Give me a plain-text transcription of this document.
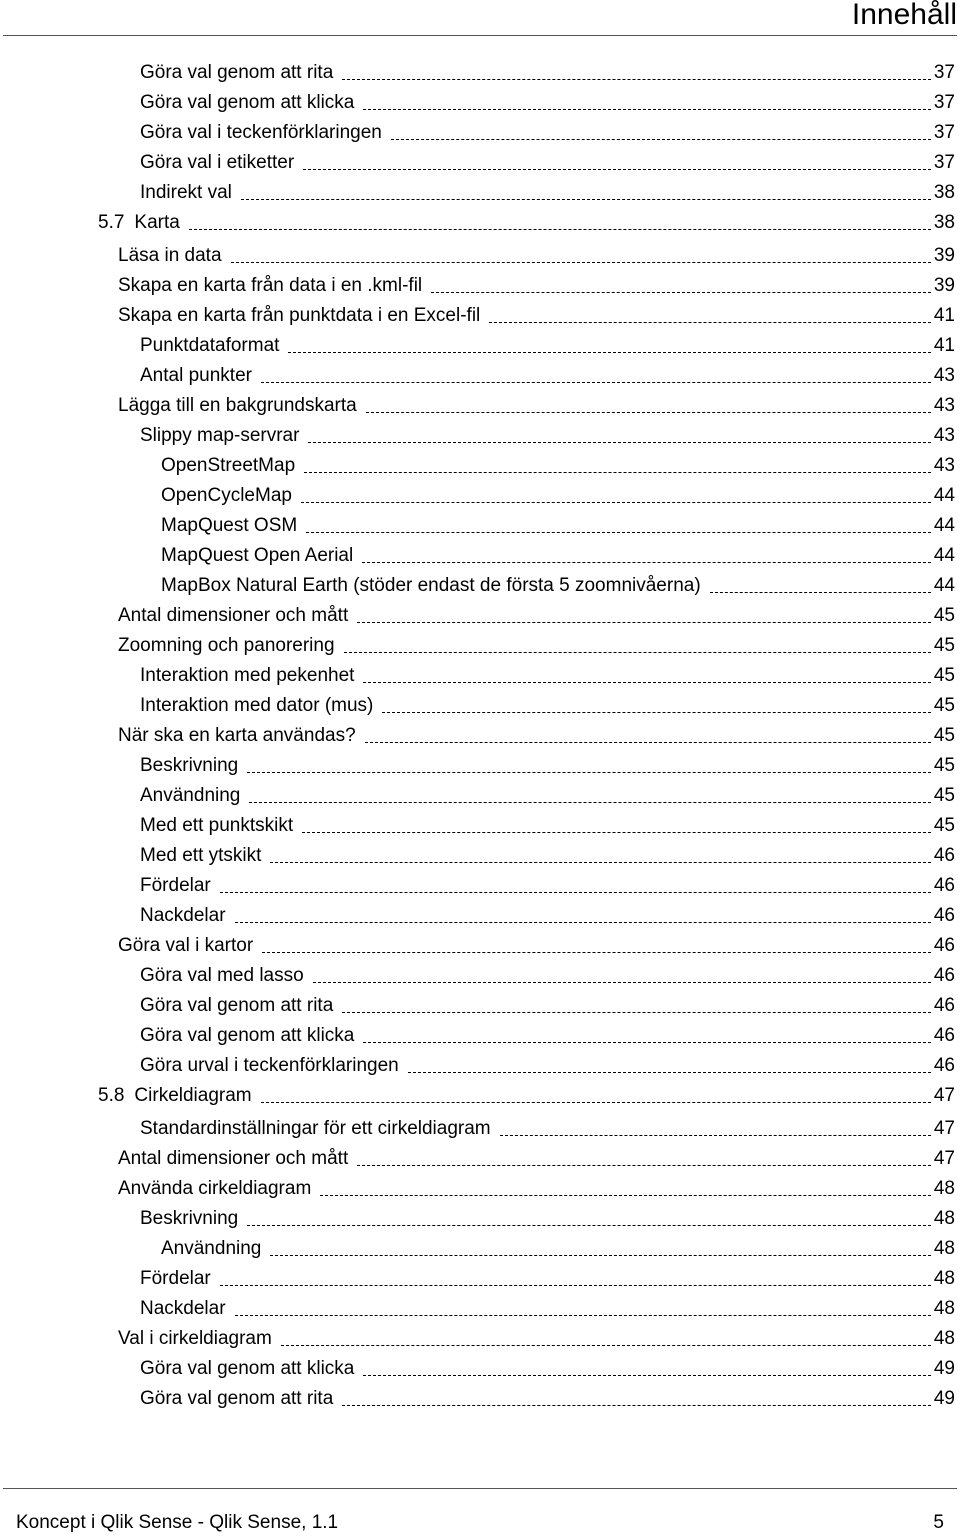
Innehåll
Göra val genom att rita	37
Göra val genom att klicka	37
Göra val i teckenförklaringen	37
Göra val i etiketter	37
Indirekt val	38
5.7 Karta	38
Läsa in data	39
Skapa en karta från data i en .kml-fil	39
Skapa en karta från punktdata i en Excel-fil	41
Punktdataformat	41
Antal punkter	43
Lägga till en bakgrundskarta	43
Slippy map-servrar	43
OpenStreetMap	43
OpenCycleMap	44
MapQuest OSM	44
MapQuest Open Aerial	44
MapBox Natural Earth (stöder endast de första 5 zoomnivåerna)	44
Antal dimensioner och mått	45
Zoomning och panorering	45
Interaktion med pekenhet	45
Interaktion med dator (mus)	45
När ska en karta användas?	45
Beskrivning	45
Användning	45
Med ett punktskikt	45
Med ett ytskikt	46
Fördelar	46
Nackdelar	46
Göra val i kartor	46
Göra val med lasso	46
Göra val genom att rita	46
Göra val genom att klicka	46
Göra urval i teckenförklaringen	46
5.8 Cirkeldiagram	47
Standardinställningar för ett cirkeldiagram	47
Antal dimensioner och mått	47
Använda cirkeldiagram	48
Beskrivning	48
Användning	48
Fördelar	48
Nackdelar	48
Val i cirkeldiagram	48
Göra val genom att klicka	49
Göra val genom att rita	49
Koncept i Qlik Sense - Qlik Sense, 1.1	5
